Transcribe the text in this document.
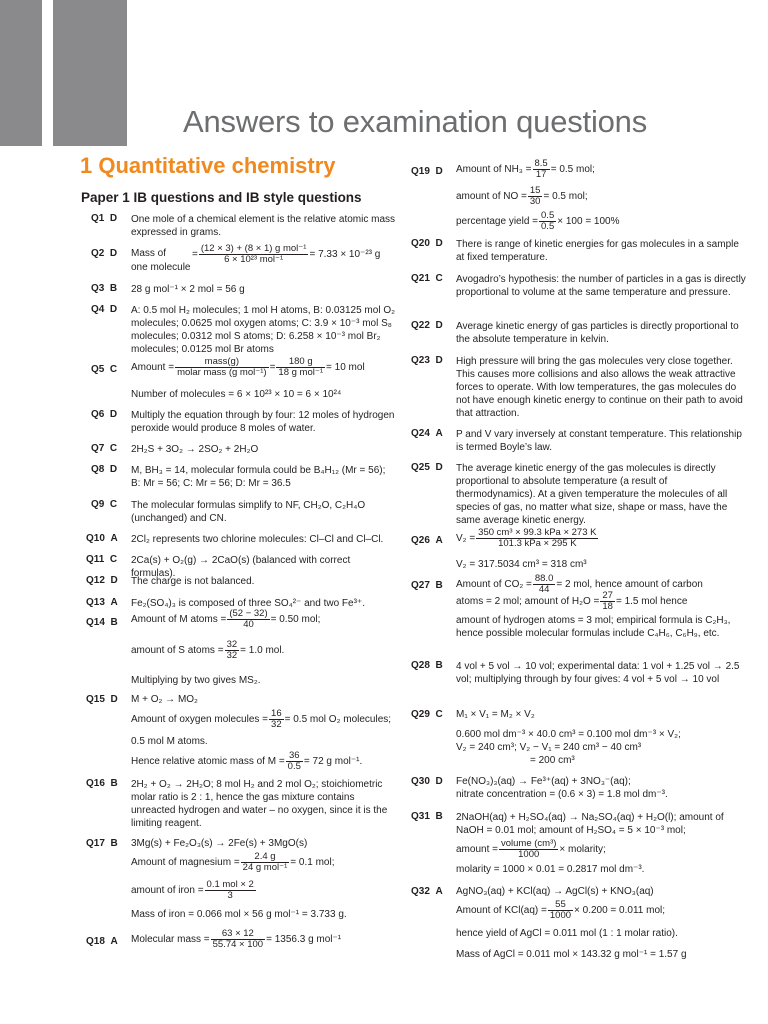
Answers to examination questions
1 Quantitative chemistry
Paper 1 IB questions and IB style questions
Q1 D One mole of a chemical element is the relative atomic mass expressed in grams.
Q2 D Mass of
one molecule
= $\frac{\text{(12 × 3) + (8 × 1) g mol⁻¹}}{\text{6 × 10²³ mol⁻¹}} = 7.33 \times 10^{-23}$ g
Q3 B 28 g mol⁻¹ × 2 mol = 56 g
Q4 D A: 0.5 mol H₂ molecules; 1 mol H atoms, B: 0.03125 mol O₂ molecules; 0.0625 mol oxygen atoms; C: 3.9 × 10⁻³ mol S₈ molecules; 0.0312 mol S atoms; D: 6.258 × 10⁻³ mol Br₂ molecules; 0.0125 mol Br atoms
Q5 C Amount = $\frac{\text{mass(g)}}{\text{molar mass (g mol⁻¹)}} = \frac{180 g}{\text{18 g mol⁻¹}} = 10$ mol
Number of molecules = 6 × 10²³ × 10 = 6 × 10²⁴
Q6 D Multiply the equation through by four: 12 moles of hydrogen peroxide would produce 8 moles of water.
Q7 C 2H₂S + 3O₂ → 2SO₂ + 2H₂O
Q8 D M, BH₃ = 14, molecular formula could be B₄H₁₂ (Mr = 56); B: Mr = 56; C: Mr = 56; D: Mr = 36.5
Q9 C The molecular formulas simplify to NF, CH₂O, C₂H₄O (unchanged) and CN.
Q10 A 2Cl₂ represents two chlorine molecules: Cl–Cl and Cl–Cl.
Q11 C 2Ca(s) + O₂(g) → 2CaO(s) (balanced with correct formulas).
Q12 D The charge is not balanced.
Q13 A Fe₂(SO₄)₃ is composed of three SO₄²⁻ and two Fe³⁺.
Q14 B Amount of M atoms = $\frac{(52 - 32)}{40} = 0.50$ mol;
amount of S atoms = $\frac{32}{32} = 1.0$ mol.
Multiplying by two gives MS₂.
Q15 D M + O₂ → MO₂
Amount of oxygen molecules = $\frac{16}{32} = 0.5$ mol O₂ molecules;
0.5 mol M atoms.
Hence relative atomic mass of $M = \frac{36}{0.5} = 72$ g mol⁻¹.
Q16 B 2H₂ + O₂ → 2H₂O; 8 mol H₂ and 2 mol O₂; stoichiometric molar ratio is 2 : 1, hence the gas mixture contains unreacted hydrogen and water – no oxygen, since it is the limiting reagent.
Q17 B 3Mg(s) + Fe₂O₃(s) → 2Fe(s) + 3MgO(s)
Amount of magnesium = $\frac{2.4 g}{\text{24 g mol⁻¹}} = 0.1$ mol;
amount of iron = $\frac{\text{0.1 mol × 2}}{3}$
Mass of iron = 0.066 mol × 56 g mol⁻¹ = 3.733 g.
Q18 A Molecular mass = $\frac{63 \times 12}{55.74 \times 100} = 1356.3$ g mol⁻¹
Q19 D Amount of $NH_3 = \frac{8.5}{17} = 0.5$ mol;
amount of NO = $\frac{15}{30} = 0.5$ mol;
percentage yield = $\frac{0.5}{0.5} \times 100 = 100\%$
Q20 D There is range of kinetic energies for gas molecules in a sample at fixed temperature.
Q21 C Avogadro’s hypothesis: the number of particles in a gas is directly proportional to volume at the same temperature and pressure.
Q22 D Average kinetic energy of gas particles is directly proportional to the absolute temperature in kelvin.
Q23 D High pressure will bring the gas molecules very close together. This causes more collisions and also allows the weak attractive forces to operate. With low temperatures, the gas molecules do not have enough kinetic energy to continue on their path to avoid that attraction.
Q24 A P and V vary inversely at constant temperature. This relationship is termed Boyle’s law.
Q25 D The average kinetic energy of the gas molecules is directly proportional to absolute temperature (a result of thermodynamics). At a given temperature the molecules of all species of gas, no matter what size, shape or mass, have the same average kinetic energy.
Q26 A $V_2 = \frac{\text{350 cm³ × 99.3 kPa × 273 K}}{\text{101.3 kPa × 295 K}}$
V₂ = 317.5034 cm³ = 318 cm³
Q27 B Amount of $CO_2 = \frac{88.0}{44} = 2$ mol, hence amount of carbon
atoms = 2 mol; amount of $H_2O = \frac{27}{18} = 1.5$ mol hence
amount of hydrogen atoms = 3 mol; empirical formula is C₂H₃, hence possible molecular formulas include C₄H₆, C₆H₉, etc.
Q28 B 4 vol + 5 vol → 10 vol; experimental data: 1 vol + 1.25 vol → 2.5 vol; multiplying through by four gives: 4 vol + 5 vol → 10 vol
Q29 C M₁ × V₁ = M₂ × V₂
0.600 mol dm⁻³ × 40.0 cm³ = 0.100 mol dm⁻³ × V₂;
V₂ = 240 cm³; V₂ − V₁ = 240 cm³ − 40 cm³
= 200 cm³
Q30 D Fe(NO₃)₃(aq) → Fe³⁺(aq) + 3NO₃⁻(aq);
nitrate concentration = (0.6 × 3) = 1.8 mol dm⁻³.
Q31 B 2NaOH(aq) + H₂SO₄(aq) → Na₂SO₄(aq) + H₂O(l); amount of NaOH = 0.01 mol; amount of H₂SO₄ = 5 × 10⁻³ mol;
amount = $\frac{\text{volume (cm³)}}{1000}$ × molarity;
molarity = 1000 × 0.01 = 0.2817 mol dm⁻³.
Q32 A AgNO₃(aq) + KCl(aq) → AgCl(s) + KNO₃(aq)
Amount of $KCl(aq) = \frac{55}{1000} \times 0.200 = 0.011$ mol;
hence yield of AgCl = 0.011 mol (1 : 1 molar ratio).
Mass of AgCl = 0.011 mol × 143.32 g mol⁻¹ = 1.57 g
